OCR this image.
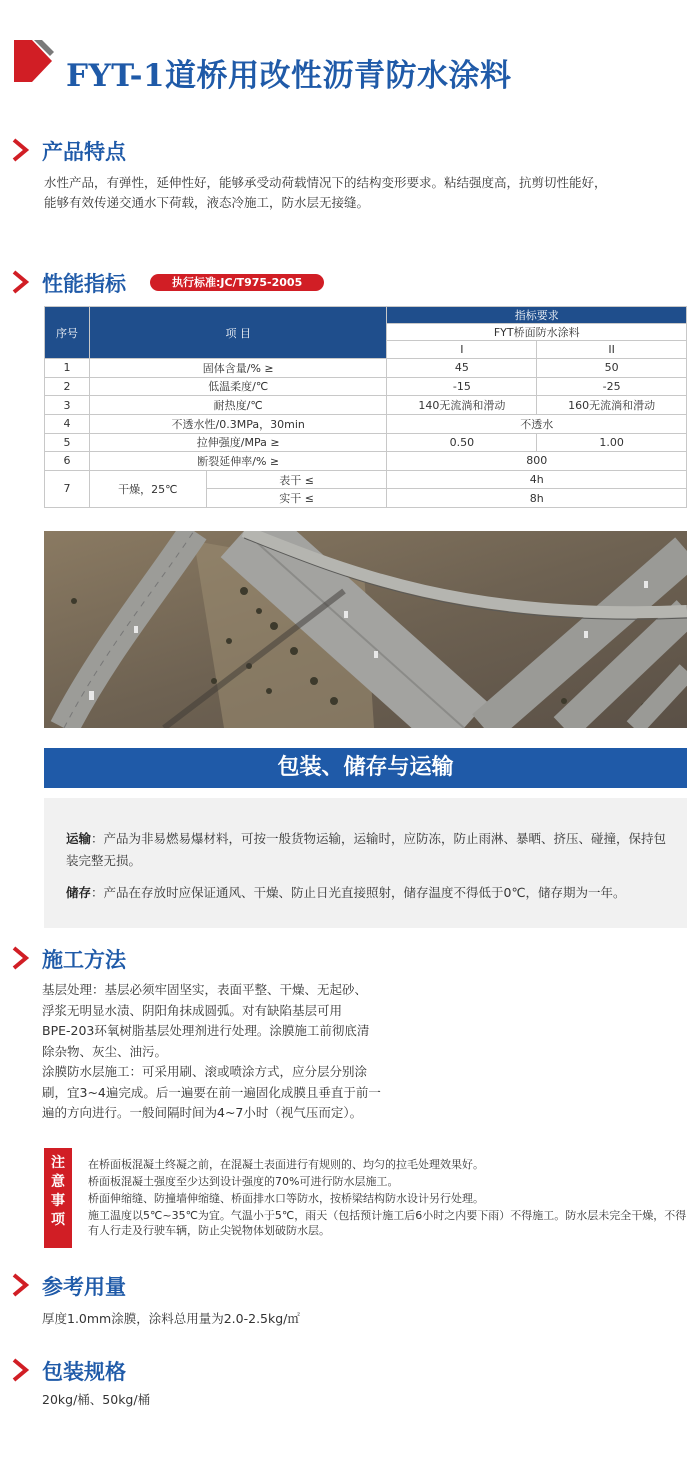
FYT-1道桥用改性沥青防水涂料
产品特点
水性产品，有弹性，延伸性好，能够承受动荷载情况下的结构变形要求。粘结强度高，抗剪切性能好，
能够有效传递交通水下荷载，液态冷施工，防水层无接缝。
性能指标	执行标准:JC/T975-2005
序号	项 目		指标要求	
			FYT桥面防水涂料	
			I	II
1	固体含量/% ≥		45	50
2	低温柔度/℃		-15	-25
3	耐热度/℃		140无流淌和滑动	160无流淌和滑动
4	不透水性/0.3MPa，30min		不透水	
5	拉伸强度/MPa ≥		0.50	1.00
6	断裂延伸率/% ≥		800	
7	干燥，25℃	表干 ≤	4h	
		实干 ≤	8h	
包装、储存与运输
运输：产品为非易燃易爆材料，可按一般货物运输，运输时，应防冻，防止雨淋、暴晒、挤压、碰撞，保持包装完整无损。
储存：产品在存放时应保证通风、干燥、防止日光直接照射，储存温度不得低于0℃，储存期为一年。
施工方法
基层处理：基层必须牢固坚实，表面平整、干燥、无起砂、
浮浆无明显水渍、阴阳角抹成圆弧。对有缺陷基层可用
BPE-203环氧树脂基层处理剂进行处理。涂膜施工前彻底清
除杂物、灰尘、油污。
涂膜防水层施工：可采用刷、滚或喷涂方式，应分层分别涂
刷，宜3~4遍完成。后一遍要在前一遍固化成膜且垂直于前一
遍的方向进行。一般间隔时间为4~7小时（视气压而定）。
注
意
事
项
在桥面板混凝土终凝之前，在混凝土表面进行有规则的、均匀的拉毛处理效果好。
桥面板混凝土强度至少达到设计强度的70%可进行防水层施工。
桥面伸缩缝、防撞墙伸缩缝、桥面排水口等防水，按桥梁结构防水设计另行处理。
施工温度以5℃~35℃为宜。气温小于5℃，雨天（包括预计施工后6小时之内要下雨）不得施工。防水层未完全干燥，不得有人行走及行驶车辆，防止尖锐物体划破防水层。
参考用量
厚度1.0mm涂膜，涂料总用量为2.0-2.5kg/㎡
包装规格
20kg/桶、50kg/桶
